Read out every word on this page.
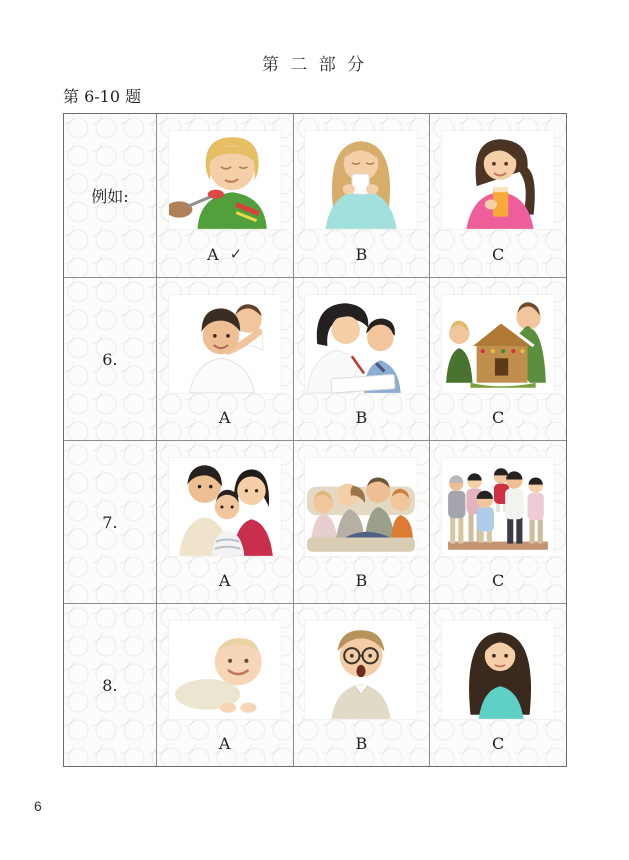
第 二 部 分
第 6-10 题
例如:
A ✓	B	C
6.
A	B	C
7.
A	B	C
8.
A	B	C
6
